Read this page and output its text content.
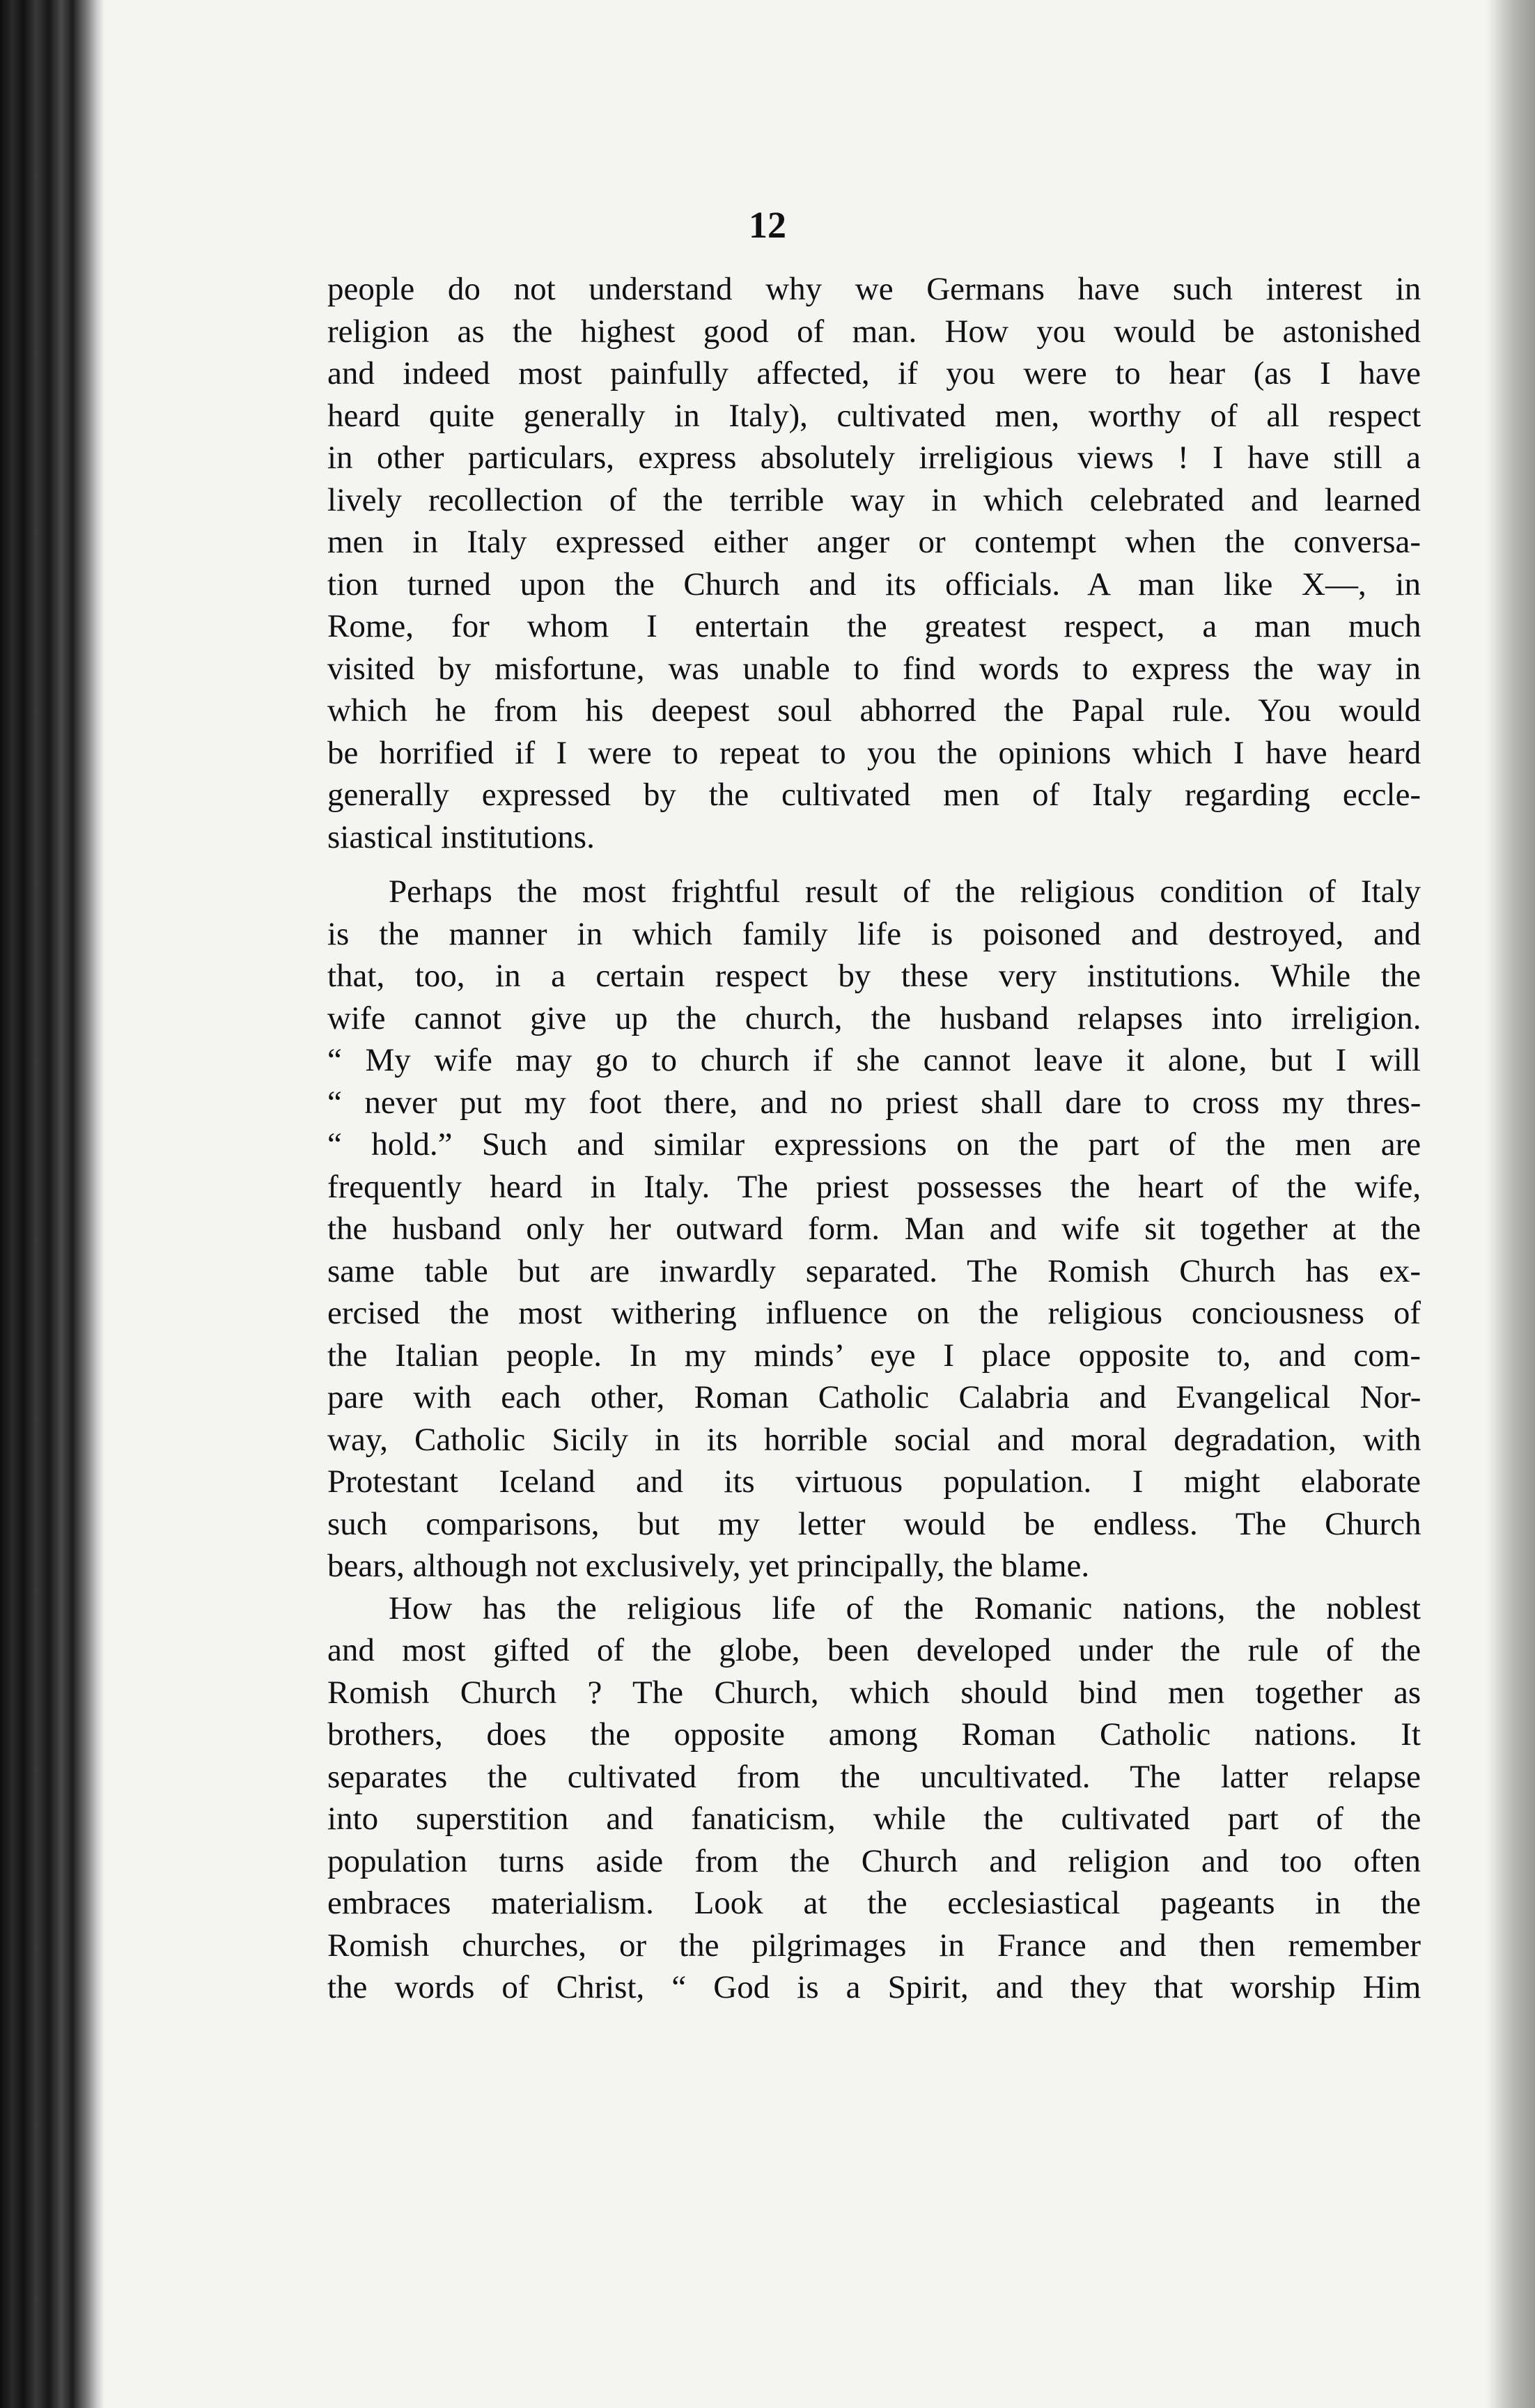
12

people do not understand why we Germans have such interest in
religion as the highest good of man. How you would be astonished
and indeed most painfully affected, if you were to hear (as I have
heard quite generally in Italy), cultivated men, worthy of all respect
in other particulars, express absolutely irreligious views ! I have still a
lively recollection of the terrible way in which celebrated and learned
men in Italy expressed either anger or contempt when the conversa-
tion turned upon the Church and its officials. A man like X—, in
Rome, for whom I entertain the greatest respect, a man much
visited by misfortune, was unable to find words to express the way in
which he from his deepest soul abhorred the Papal rule. You would
be horrified if I were to repeat to you the opinions which I have heard
generally expressed by the cultivated men of Italy regarding eccle-
siastical institutions.
Perhaps the most frightful result of the religious condition of Italy
is the manner in which family life is poisoned and destroyed, and
that, too, in a certain respect by these very institutions. While the
wife cannot give up the church, the husband relapses into irreligion.
“ My wife may go to church if she cannot leave it alone, but I will
“ never put my foot there, and no priest shall dare to cross my thres-
“ hold.” Such and similar expressions on the part of the men are
frequently heard in Italy. The priest possesses the heart of the wife,
the husband only her outward form. Man and wife sit together at the
same table but are inwardly separated. The Romish Church has ex-
ercised the most withering influence on the religious conciousness of
the Italian people. In my minds’ eye I place opposite to, and com-
pare with each other, Roman Catholic Calabria and Evangelical Nor-
way, Catholic Sicily in its horrible social and moral degradation, with
Protestant Iceland and its virtuous population. I might elaborate
such comparisons, but my letter would be endless. The Church
bears, although not exclusively, yet principally, the blame.
How has the religious life of the Romanic nations, the noblest
and most gifted of the globe, been developed under the rule of the
Romish Church ? The Church, which should bind men together as
brothers, does the opposite among Roman Catholic nations. It
separates the cultivated from the uncultivated. The latter relapse
into superstition and fanaticism, while the cultivated part of the
population turns aside from the Church and religion and too often
embraces materialism. Look at the ecclesiastical pageants in the
Romish churches, or the pilgrimages in France and then remember
the words of Christ, “ God is a Spirit, and they that worship Him
